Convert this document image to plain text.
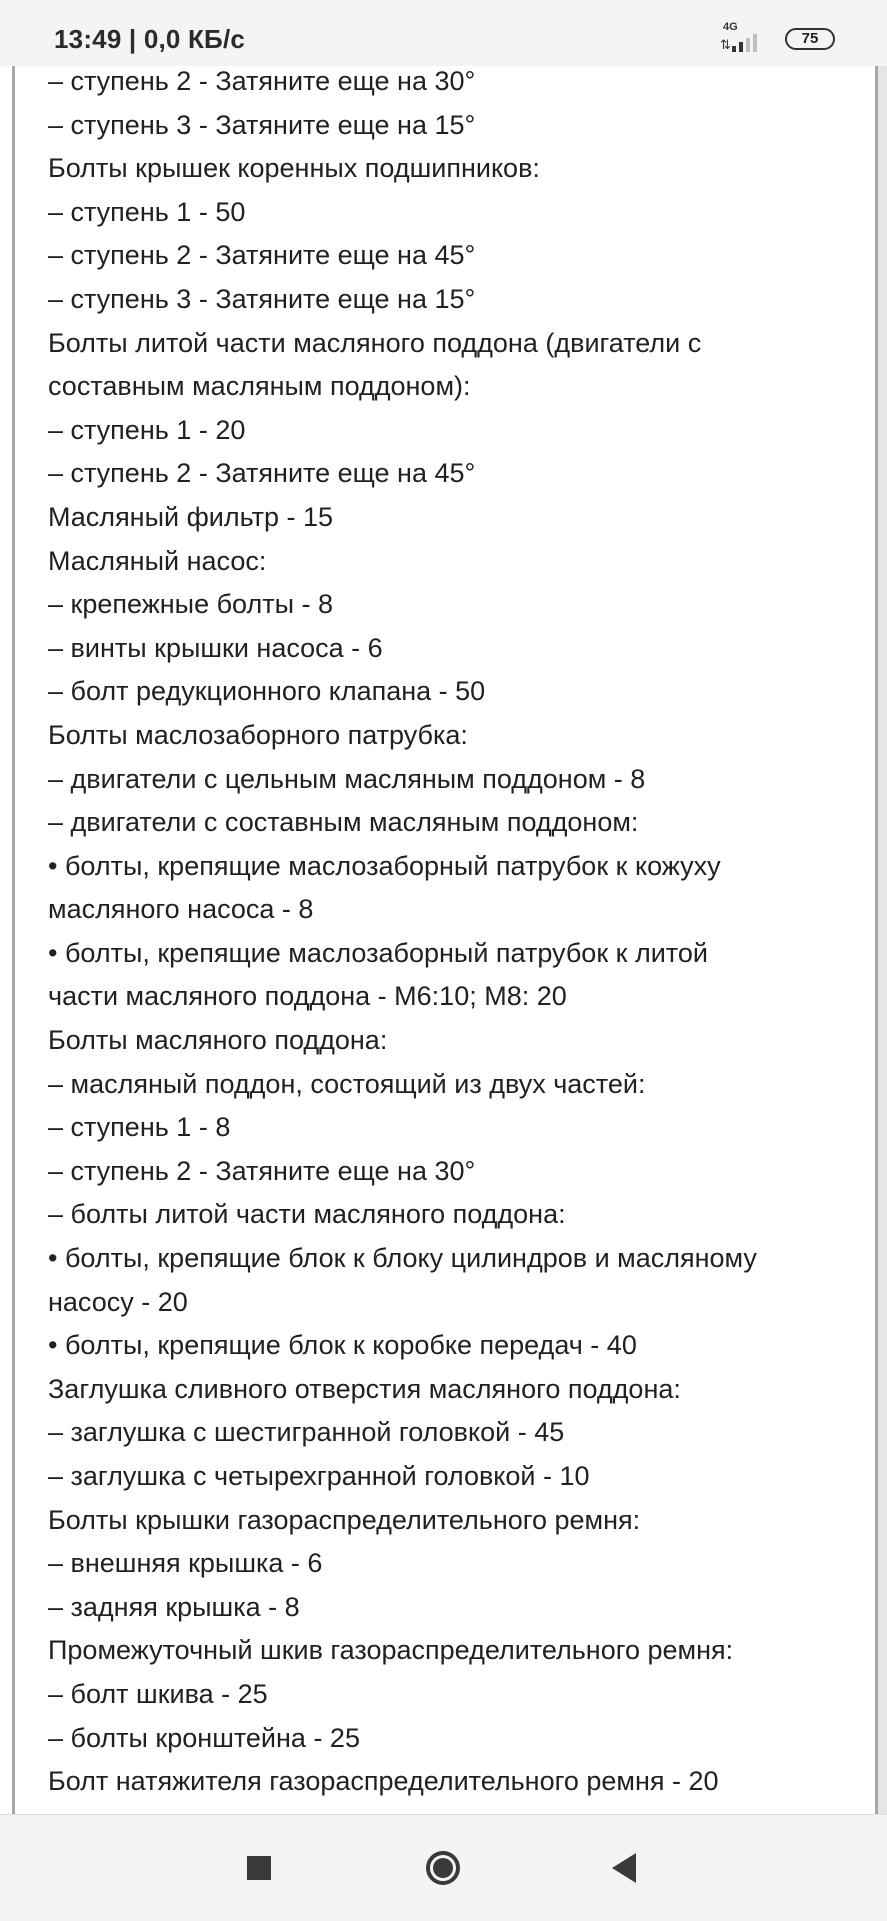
13:49 | 0,0 КБ/с	4G
⇅	75
– ступень 2 - Затяните еще на 30°
– ступень 3 - Затяните еще на 15°
Болты крышек коренных подшипников:
– ступень 1 - 50
– ступень 2 - Затяните еще на 45°
– ступень 3 - Затяните еще на 15°
Болты литой части масляного поддона (двигатели с
составным масляным поддоном):
– ступень 1 - 20
– ступень 2 - Затяните еще на 45°
Масляный фильтр - 15
Масляный насос:
– крепежные болты - 8
– винты крышки насоса - 6
– болт редукционного клапана - 50
Болты маслозаборного патрубка:
– двигатели с цельным масляным поддоном - 8
– двигатели с составным масляным поддоном:
• болты, крепящие маслозаборный патрубок к кожуху
масляного насоса - 8
• болты, крепящие маслозаборный патрубок к литой
части масляного поддона - М6:10; М8: 20
Болты масляного поддона:
– масляный поддон, состоящий из двух частей:
– ступень 1 - 8
– ступень 2 - Затяните еще на 30°
– болты литой части масляного поддона:
• болты, крепящие блок к блоку цилиндров и масляному
насосу - 20
• болты, крепящие блок к коробке передач - 40
Заглушка сливного отверстия масляного поддона:
– заглушка с шестигранной головкой - 45
– заглушка с четырехгранной головкой - 10
Болты крышки газораспределительного ремня:
– внешняя крышка - 6
– задняя крышка - 8
Промежуточный шкив газораспределительного ремня:
– болт шкива - 25
– болты кронштейна - 25
Болт натяжителя газораспределительного ремня - 20
